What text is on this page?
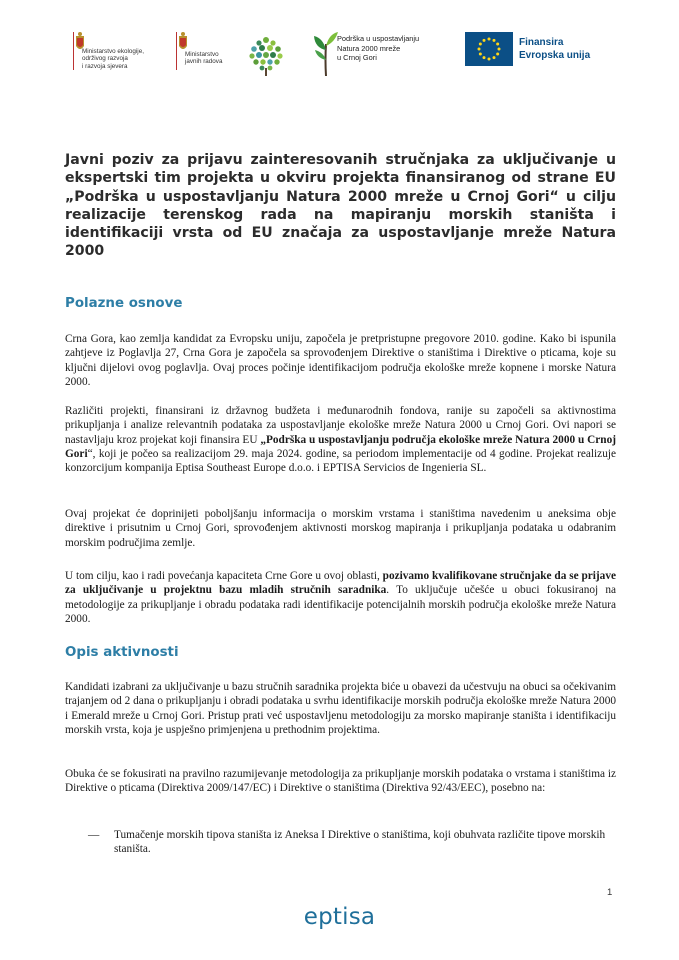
Ministarstvo ekologije,
održivog razvoja
i razvoja sjevera
Ministarstvo
javnih radova
Podrška u uspostavljanju
Natura 2000 mreže
u Crnoj Gori
Finansira
Evropska unija
Javni poziv za prijavu zainteresovanih stručnjaka za uključivanje u ekspertski tim projekta u okviru projekta finansiranog od strane EU „Podrška u uspostavljanju Natura 2000 mreže u Crnoj Gori“ u cilju realizacije terenskog rada na mapiranju morskih staništa i identifikaciji vrsta od EU značaja za uspostavljanje mreže Natura 2000
Polazne osnove

Crna Gora, kao zemlja kandidat za Evropsku uniju, započela je pretpristupne pregovore 2010. godine. Kako bi ispunila zahtjeve iz Poglavlja 27, Crna Gora je započela sa sprovođenjem Direktive o staništima i Direktive o pticama, koje su ključni dijelovi ovog poglavlja. Ovaj proces počinje identifikacijom područja ekološke mreže kopnene i morske Natura 2000.

Različiti projekti, finansirani iz državnog budžeta i međunarodnih fondova, ranije su započeli sa aktivnostima prikupljanja i analize relevantnih podataka za uspostavljanje ekološke mreže Natura 2000 u Crnoj Gori. Ovi napori se nastavljaju kroz projekat koji finansira EU „Podrška u uspostavljanju područja ekološke mreže Natura 2000 u Crnoj Gori“, koji je počeo sa realizacijom 29. maja 2024. godine, sa periodom implementacije od 4 godine. Projekat realizuje konzorcijum kompanija Eptisa Southeast Europe d.o.o. i EPTISA Servicios de Ingenieria SL.

Ovaj projekat će doprinijeti poboljšanju informacija o morskim vrstama i staništima navedenim u aneksima obje direktive i prisutnim u Crnoj Gori, sprovođenjem aktivnosti morskog mapiranja i prikupljanja podataka u odabranim morskim područjima zemlje.

U tom cilju, kao i radi povećanja kapaciteta Crne Gore u ovoj oblasti, pozivamo kvalifikovane stručnjake da se prijave za uključivanje u projektnu bazu mladih stručnih saradnika. To uključuje učešće u obuci fokusiranoj na metodologije za prikupljanje i obradu podataka radi identifikacije potencijalnih morskih područja ekološke mreže Natura 2000.

Opis aktivnosti

Kandidati izabrani za uključivanje u bazu stručnih saradnika projekta biće u obavezi da učestvuju na obuci sa očekivanim trajanjem od 2 dana o prikupljanju i obradi podataka u svrhu identifikacije morskih područja ekološke mreže Natura 2000 i Emerald mreže u Crnoj Gori. Pristup prati već uspostavljenu metodologiju za morsko mapiranje staništa i identifikaciju morskih vrsta, koja je uspješno primjenjena u prethodnim projektima.

Obuka će se fokusirati na pravilno razumijevanje metodologija za prikupljanje morskih podataka o vrstama i staništima iz Direktive o pticama (Direktiva 2009/147/EC) i Direktive o staništima (Direktiva 92/43/EEC), posebno na:

—	Tumačenje morskih tipova staništa iz Aneksa I Direktive o staništima, koji obuhvata različite tipove morskih staništa.
1
eptisa
